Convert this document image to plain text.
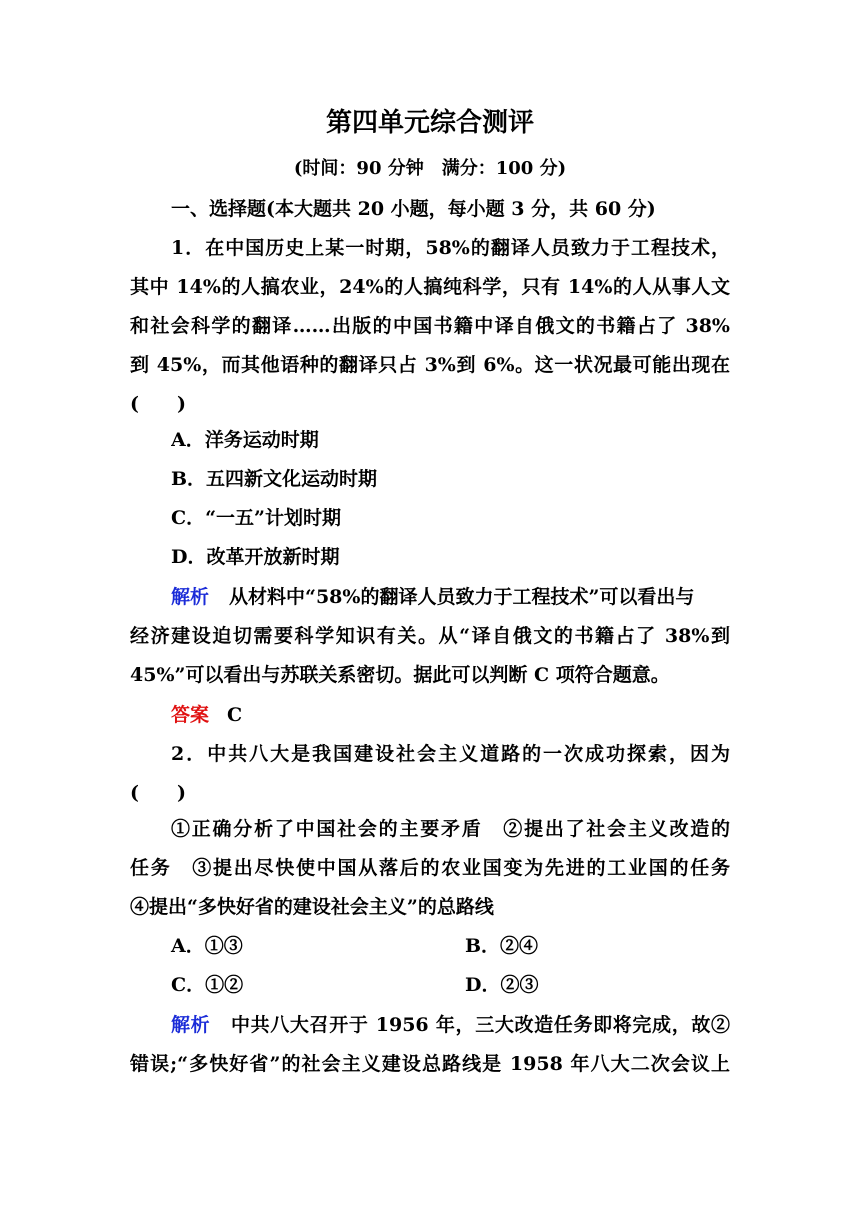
第四单元综合测评
(时间：90 分钟　满分：100 分)
一、选择题(本大题共 20 小题，每小题 3 分，共 60 分)
1．在中国历史上某一时期，58%的翻译人员致力于工程技术，
其中 14%的人搞农业，24%的人搞纯科学，只有 14%的人从事人文
和社会科学的翻译……出版的中国书籍中译自俄文的书籍占了 38%
到 45%，而其他语种的翻译只占 3%到 6%。这一状况最可能出现在
(　　)
A．洋务运动时期
B．五四新文化运动时期
C．“一五”计划时期
D．改革开放新时期
解析 从材料中“58%的翻译人员致力于工程技术”可以看出与
经济建设迫切需要科学知识有关。从“译自俄文的书籍占了 38%到
45%”可以看出与苏联关系密切。据此可以判断 C 项符合题意。
答案 C
2．中共八大是我国建设社会主义道路的一次成功探索，因为
(　　)
①正确分析了中国社会的主要矛盾　②提出了社会主义改造的
任务　③提出尽快使中国从落后的农业国变为先进的工业国的任务
④提出“多快好省的建设社会主义”的总路线
A．①③	B．②④
C．①②	D．②③
解析 中共八大召开于 1956 年，三大改造任务即将完成，故②
错误;“多快好省”的社会主义建设总路线是 1958 年八大二次会议上
